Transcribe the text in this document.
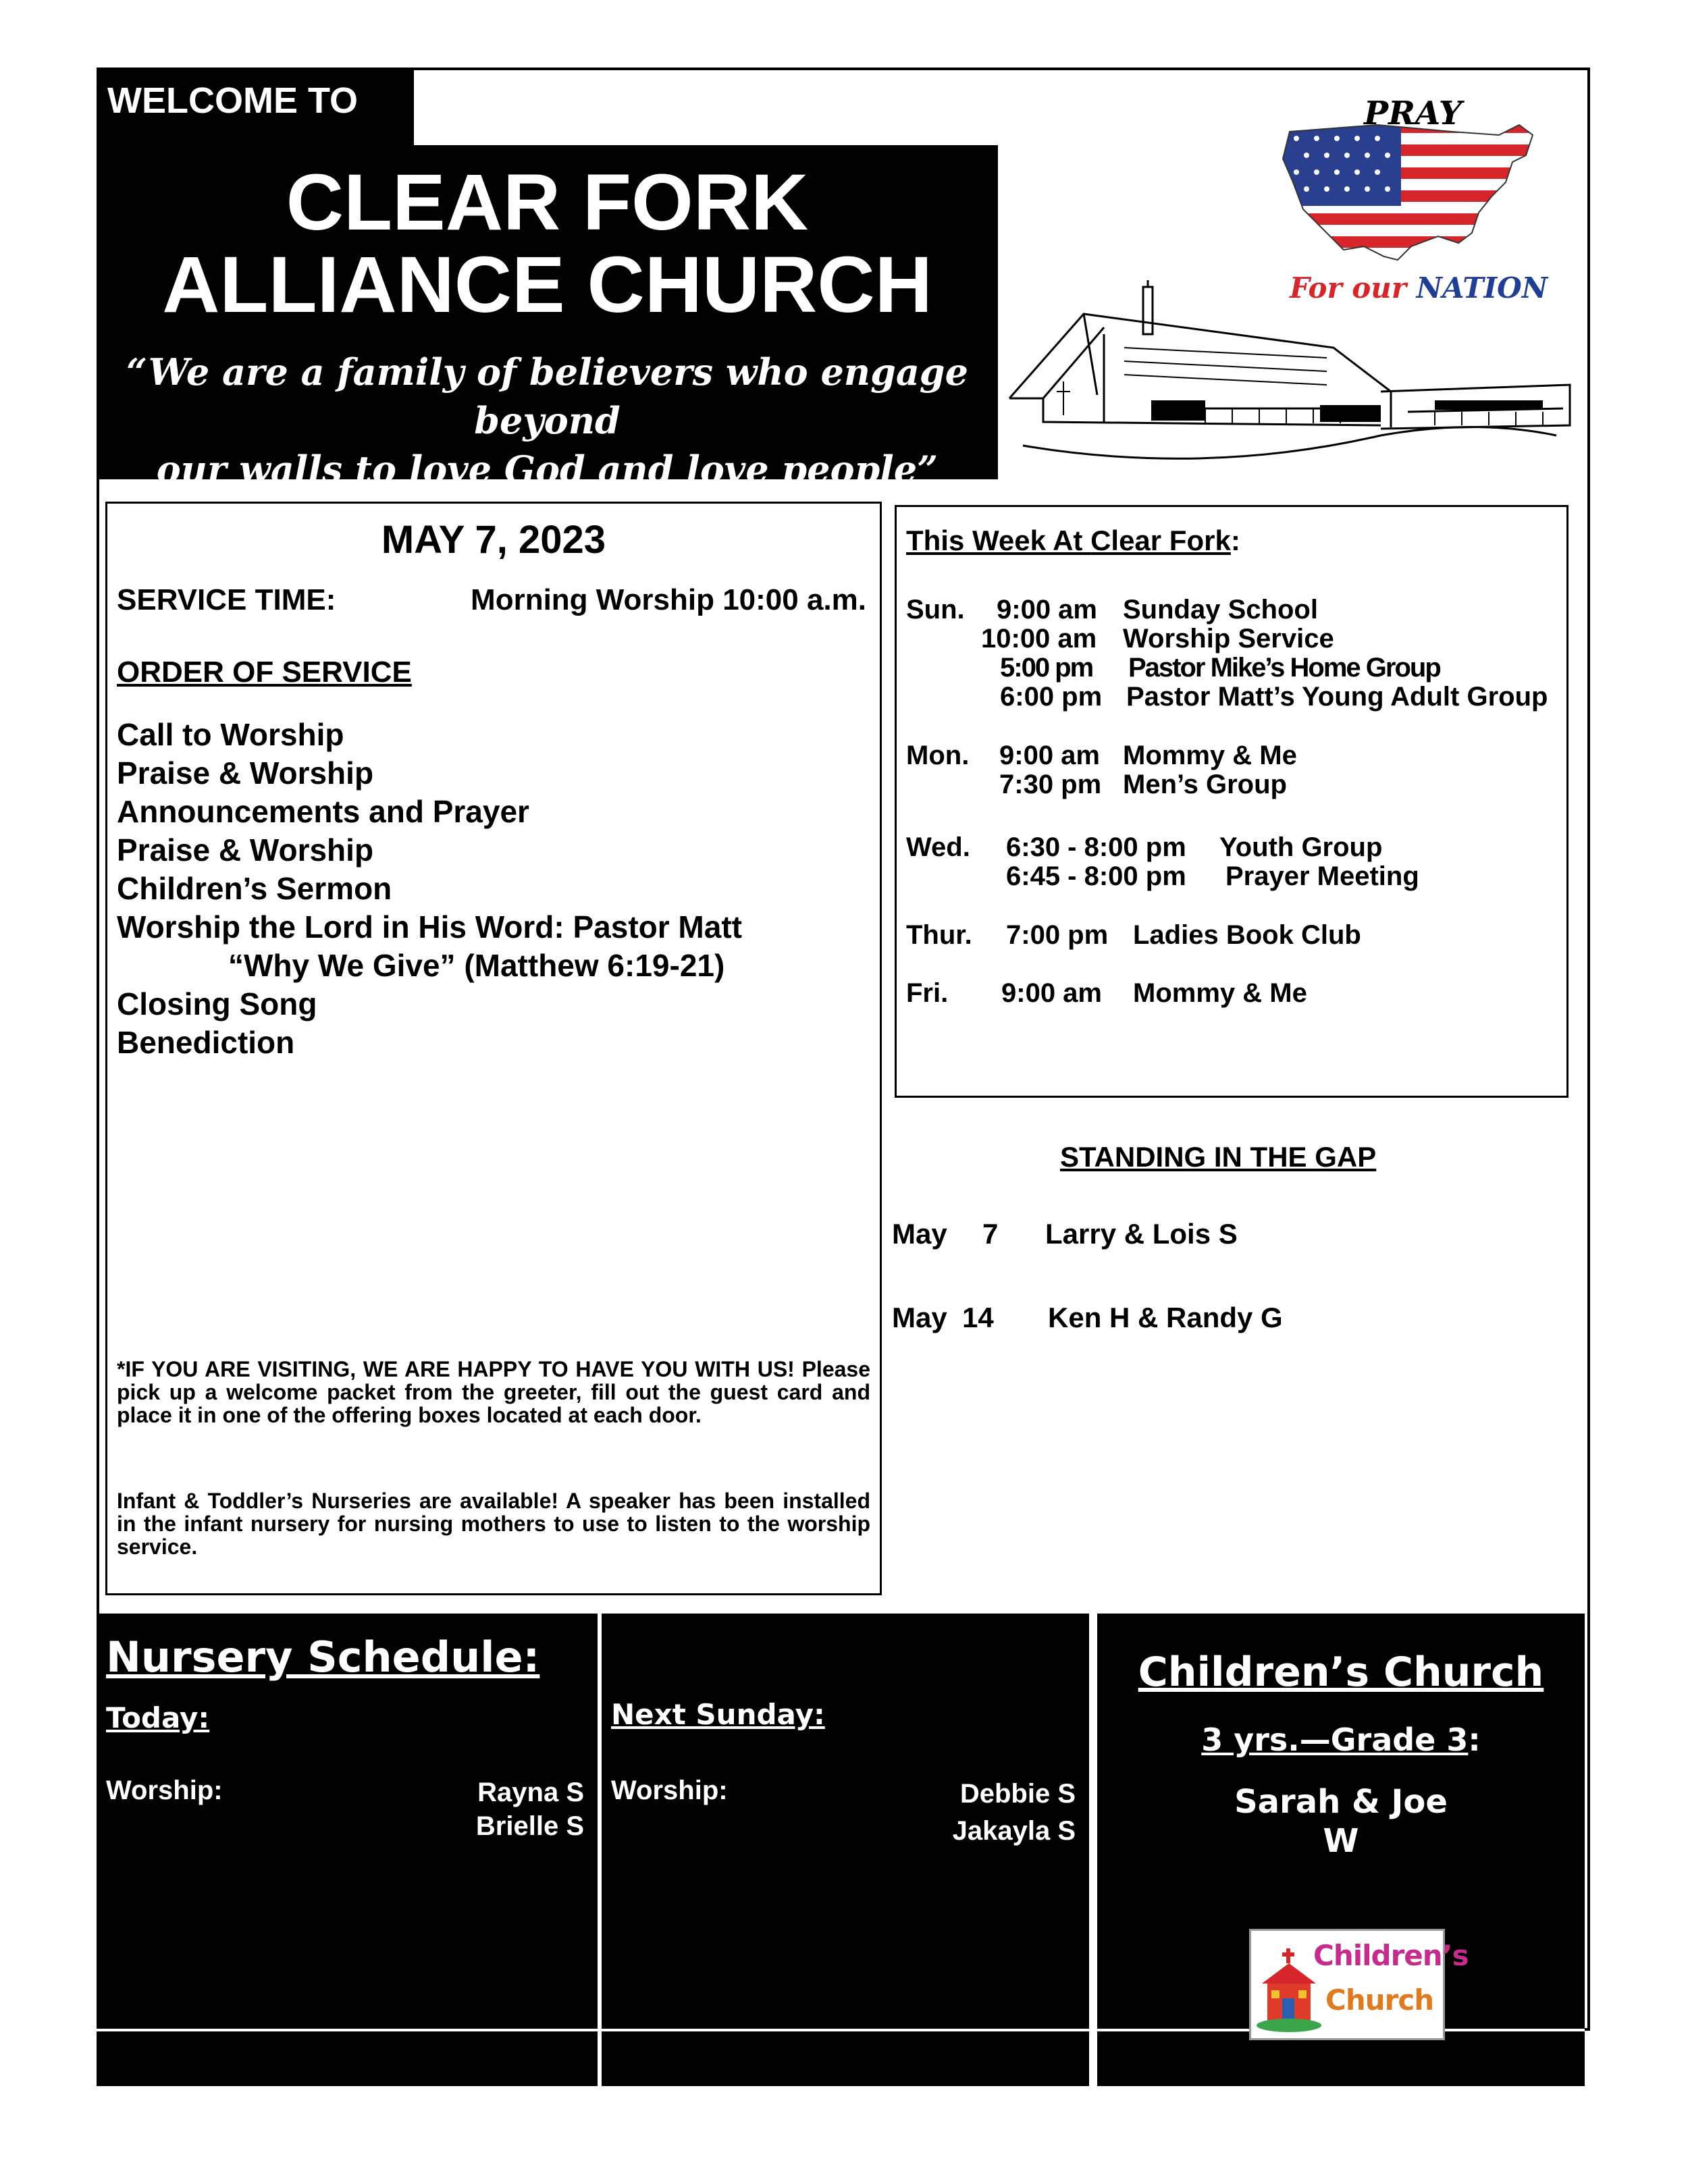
WELCOME TO
CLEAR FORK
ALLIANCE CHURCH
“We are a family of believers who engage beyond
our walls to love God and love people”
PRAY
For our NATION
MAY 7, 2023
SERVICE TIME:	Morning Worship 10:00 a.m.
ORDER OF SERVICE
Call to Worship
Praise & Worship
Announcements and Prayer
Praise & Worship
Children’s Sermon
Worship the Lord in His Word: Pastor Matt
“Why We Give” (Matthew 6:19-21)
Closing Song
Benediction
*IF YOU ARE VISITING, WE ARE HAPPY TO HAVE YOU WITH US! Please pick up a welcome packet from the greeter, fill out the guest card and place it in one of the offering boxes located at each door.
Infant & Toddler’s Nurseries are available! A speaker has been installed in the infant nursery for nursing mothers to use to listen to the worship service.
This Week At Clear Fork:
Sun. 9:00 am Sunday School
10:00 am Worship Service
5:00 pm Pastor Mike’s Home Group
6:00 pm Pastor Matt’s Young Adult Group
Mon. 9:00 am Mommy & Me
7:30 pm Men’s Group
Wed. 6:30 - 8:00 pm Youth Group
6:45 - 8:00 pm Prayer Meeting
Thur. 7:00 pm Ladies Book Club
Fri. 9:00 am Mommy & Me
STANDING IN THE GAP
May 7 Larry & Lois S
May 14 Ken H & Randy G
Nursery Schedule:
Today:
Worship:	Rayna S
Brielle S
Next Sunday:
Worship:	Debbie S
Jakayla S
Children’s Church
3 yrs.—Grade 3:
Sarah & Joe
W
Children’s
Church
